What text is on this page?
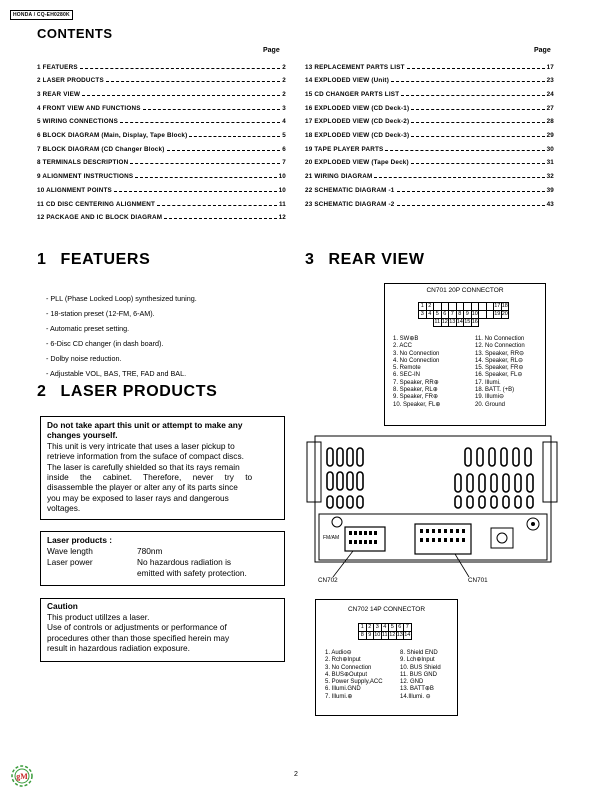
HONDA / CQ-EH0280K
CONTENTS
Page	Page
1 FEATUERS	2
2 LASER PRODUCTS	2
3 REAR VIEW	2
4 FRONT VIEW AND FUNCTIONS	3
5 WIRING CONNECTIONS	4
6 BLOCK DIAGRAM (Main, Display, Tape Block)	5
7 BLOCK DIAGRAM (CD Changer Block)	6
8 TERMINALS DESCRIPTION	7
9 ALIGNMENT INSTRUCTIONS	10
10 ALIGNMENT POINTS	10
11 CD DISC CENTERING ALIGNMENT	11
12 PACKAGE AND IC BLOCK DIAGRAM	12
13 REPLACEMENT PARTS LIST	17
14 EXPLODED VIEW (Unit)	23
15 CD CHANGER PARTS LIST	24
16 EXPLODED VIEW (CD Deck-1)	27
17 EXPLODED VIEW (CD Deck-2)	28
18 EXPLODED VIEW (CD Deck-3)	29
19 TAPE PLAYER PARTS	30
20 EXPLODED VIEW (Tape Deck)	31
21 WIRING DIAGRAM	32
22 SCHEMATIC DIAGRAM -1	39
23 SCHEMATIC DIAGRAM -2	43
1 FEATUERS
- PLL (Phase Locked Loop) synthesized tuning.
- 18-station preset (12-FM, 6-AM).
- Automatic preset setting.
- 6-Disc CD changer (in dash board).
- Dolby noise reduction.
- Adjustable VOL, BAS, TRE, FAD and BAL.
2 LASER PRODUCTS
Do not take apart this unit or attempt to make any changes yourself.
This unit is very intricate that uses a laser pickup to
retrieve information from the suface of compact discs.
The laser is carefully shielded so that its rays remain
inside the cabinet. Therefore, never try to
disassemble the player or alter any of its parts since
you may be exposed to laser rays and dangerous
voltages.
Laser products :
Wave length	780nm
Laser power	No hazardous radiation is
emitted with safety protection.
Caution
This product utillzes a laser.
Use of controls or adjustments or performance of
procedures other than those specified herein may
result in hazardous radiation exposure.
3 REAR VIEW
CN701 20P CONNECTOR
1	2									17	18
3	4	5	6	7	8	9	10			19	20
		11	12	13	14	15	16				
1. SW⊕B
2. ACC
3. No Connection
4. No Connection
5. Remote
6. SEC-IN
7. Speaker, RR⊕
8. Speaker, RL⊕
9. Speaker, FR⊕
10. Speaker, FL⊕
11. No Connection
12. No Connection
13. Speaker, RR⊖
14. Speaker, RL⊖
15. Speaker, FR⊖
16. Speaker, FL⊖
17. Illumi.
18. BATT. (+B)
19. Illumi⊖
20. Ground
FM/AM
CN702	CN701
CN702 14P CONNECTOR
1	2	3	4	5	6	7
8	9	10	11	12	13	14
1. Audio⊖
2. Rch⊕Input
3. No Connection
4. BUS⊕Output
5. Power Supply,ACC
6. Illumi.GND
7. Illumi.⊕
8. Shield END
9. Lch⊕Input
10. BUS Shield
11. BUS GND
12. GND
13. BATT⊕B
14.Illumi. ⊖
2
gM
